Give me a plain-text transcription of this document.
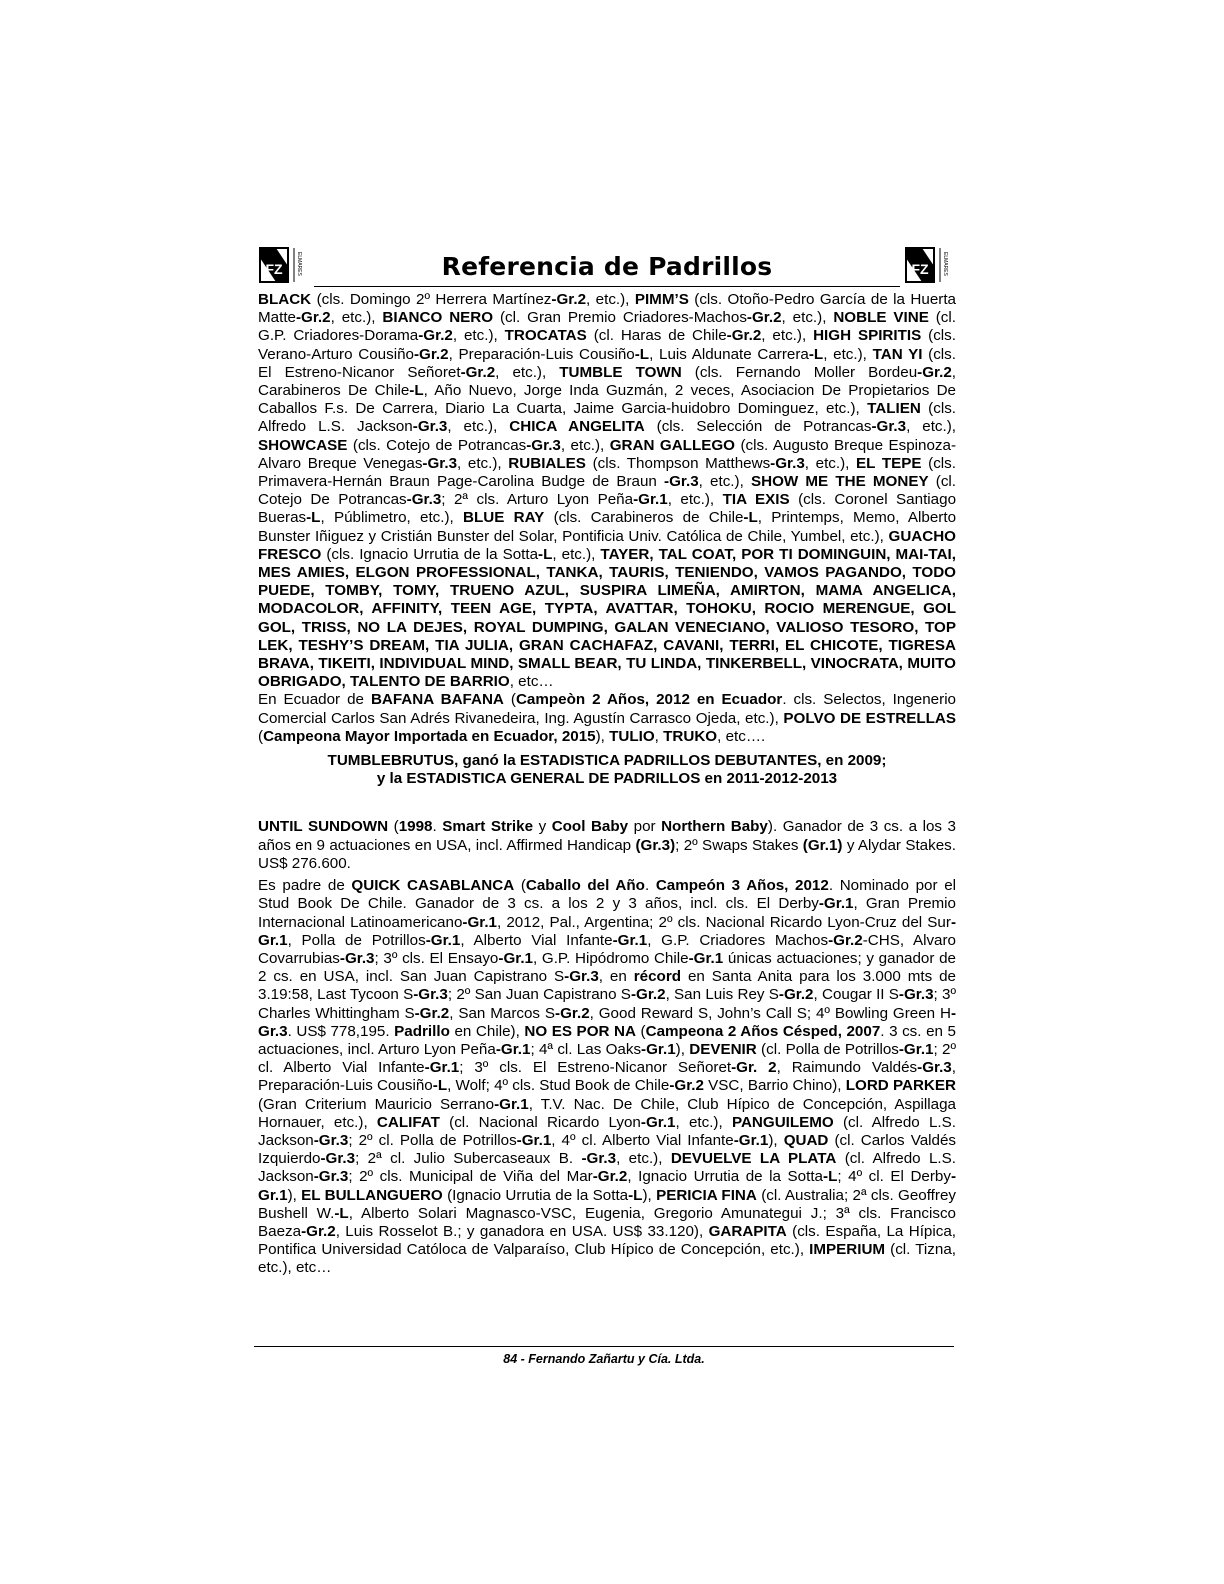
FZ	ELMARES	Referencia de Padrillos	FZ	ELMARES

BLACK (cls. Domingo 2º Herrera Martínez-Gr.2, etc.), PIMM’S (cls. Otoño-Pedro García de la Huerta Matte-Gr.2, etc.), BIANCO NERO (cl. Gran Premio Criadores-Machos-Gr.2, etc.), NOBLE VINE (cl. G.P. Criadores-Dorama-Gr.2, etc.), TROCATAS (cl. Haras de Chile-Gr.2, etc.), HIGH SPIRITIS (cls. Verano-Arturo Cousiño-Gr.2, Preparación-Luis Cousiño-L, Luis Aldunate Carrera-L, etc.), TAN YI (cls. El Estreno-Nicanor Señoret-Gr.2, etc.), TUMBLE TOWN (cls. Fernando Moller Bordeu-Gr.2, Carabineros De Chile-L, Año Nuevo, Jorge Inda Guzmán, 2 veces, Asociacion De Propietarios De Caballos F.s. De Carrera, Diario La Cuarta, Jaime Garcia-huidobro Dominguez, etc.), TALIEN (cls. Alfredo L.S. Jackson-Gr.3, etc.), CHICA ANGELITA (cls. Selección de Potrancas-Gr.3, etc.), SHOWCASE (cls. Cotejo de Potrancas-Gr.3, etc.), GRAN GALLEGO (cls. Augusto Breque Espinoza-Alvaro Breque Venegas-Gr.3, etc.), RUBIALES (cls. Thompson Matthews-Gr.3, etc.), EL TEPE (cls. Primavera-Hernán Braun Page-Carolina Budge de Braun -Gr.3, etc.), SHOW ME THE MONEY (cl. Cotejo De Potrancas-Gr.3; 2ª cls. Arturo Lyon Peña-Gr.1, etc.), TIA EXIS (cls. Coronel Santiago Bueras-L, Públimetro, etc.), BLUE RAY (cls. Carabineros de Chile-L, Printemps, Memo, Alberto Bunster Iñiguez y Cristián Bunster del Solar, Pontificia Univ. Católica de Chile, Yumbel, etc.), GUACHO FRESCO (cls. Ignacio Urrutia de la Sotta-L, etc.), TAYER, TAL COAT, POR TI DOMINGUIN, MAI-TAI, MES AMIES, ELGON PROFESSIONAL, TANKA, TAURIS, TENIENDO, VAMOS PAGANDO, TODO PUEDE, TOMBY, TOMY, TRUENO AZUL, SUSPIRA LIMEÑA, AMIRTON, MAMA ANGELICA, MODACOLOR, AFFINITY, TEEN AGE, TYPTA, AVATTAR, TOHOKU, ROCIO MERENGUE, GOL GOL, TRISS, NO LA DEJES, ROYAL DUMPING, GALAN VENECIANO, VALIOSO TESORO, TOP LEK, TESHY’S DREAM, TIA JULIA, GRAN CACHAFAZ, CAVANI, TERRI, EL CHICOTE, TIGRESA BRAVA, TIKEITI, INDIVIDUAL MIND, SMALL BEAR, TU LINDA, TINKERBELL, VINOCRATA, MUITO OBRIGADO, TALENTO DE BARRIO, etc…

En Ecuador de BAFANA BAFANA (Campeòn 2 Años, 2012 en Ecuador. cls. Selectos, Ingenerio Comercial Carlos San Adrés Rivanedeira, Ing. Agustín Carrasco Ojeda, etc.), POLVO DE ESTRELLAS (Campeona Mayor Importada en Ecuador, 2015), TULIO, TRUKO, etc….

TUMBLEBRUTUS, ganó la ESTADISTICA PADRILLOS DEBUTANTES, en 2009;
y la ESTADISTICA GENERAL DE PADRILLOS en 2011-2012-2013

UNTIL SUNDOWN (1998. Smart Strike y Cool Baby por Northern Baby). Ganador de 3 cs. a los 3 años en 9 actuaciones en USA, incl. Affirmed Handicap (Gr.3); 2º Swaps Stakes (Gr.1) y Alydar Stakes. US$ 276.600.

Es padre de QUICK CASABLANCA (Caballo del Año. Campeón 3 Años, 2012. Nominado por el Stud Book De Chile. Ganador de 3 cs. a los 2 y 3 años, incl. cls. El Derby-Gr.1, Gran Premio Internacional Latinoamericano-Gr.1, 2012, Pal., Argentina; 2º cls. Nacional Ricardo Lyon-Cruz del Sur-Gr.1, Polla de Potrillos-Gr.1, Alberto Vial Infante-Gr.1, G.P. Criadores Machos-Gr.2-CHS, Alvaro Covarrubias-Gr.3; 3º cls. El Ensayo-Gr.1, G.P. Hipódromo Chile-Gr.1 únicas actuaciones; y ganador de 2 cs. en USA, incl. San Juan Capistrano S-Gr.3, en récord en Santa Anita para los 3.000 mts de 3.19:58, Last Tycoon S-Gr.3; 2º San Juan Capistrano S-Gr.2, San Luis Rey S-Gr.2, Cougar II S-Gr.3; 3º Charles Whittingham S-Gr.2, San Marcos S-Gr.2, Good Reward S, John’s Call S; 4º Bowling Green H-Gr.3. US$ 778,195. Padrillo en Chile), NO ES POR NA (Campeona 2 Años Césped, 2007. 3 cs. en 5 actuaciones, incl. Arturo Lyon Peña-Gr.1; 4ª cl. Las Oaks-Gr.1), DEVENIR (cl. Polla de Potrillos-Gr.1; 2º cl. Alberto Vial Infante-Gr.1; 3º cls. El Estreno-Nicanor Señoret-Gr. 2, Raimundo Valdés-Gr.3, Preparación-Luis Cousiño-L, Wolf; 4º cls. Stud Book de Chile-Gr.2 VSC, Barrio Chino), LORD PARKER (Gran Criterium Mauricio Serrano-Gr.1, T.V. Nac. De Chile, Club Hípico de Concepción, Aspillaga Hornauer, etc.), CALIFAT (cl. Nacional Ricardo Lyon-Gr.1, etc.), PANGUILEMO (cl. Alfredo L.S. Jackson-Gr.3; 2º cl. Polla de Potrillos-Gr.1, 4º cl. Alberto Vial Infante-Gr.1), QUAD (cl. Carlos Valdés Izquierdo-Gr.3; 2ª cl. Julio Subercaseaux B. -Gr.3, etc.), DEVUELVE LA PLATA (cl. Alfredo L.S. Jackson-Gr.3; 2º cls. Municipal de Viña del Mar-Gr.2, Ignacio Urrutia de la Sotta-L; 4º cl. El Derby-Gr.1), EL BULLANGUERO (Ignacio Urrutia de la Sotta-L), PERICIA FINA (cl. Australia; 2ª cls. Geoffrey Bushell W.-L, Alberto Solari Magnasco-VSC, Eugenia, Gregorio Amunategui J.; 3ª cls. Francisco Baeza-Gr.2, Luis Rosselot B.; y ganadora en USA. US$ 33.120), GARAPITA (cls. España, La Hípica, Pontifica Universidad Católoca de Valparaíso, Club Hípico de Concepción, etc.), IMPERIUM (cl. Tizna, etc.), etc…

84 - Fernando Zañartu y Cía. Ltda.
